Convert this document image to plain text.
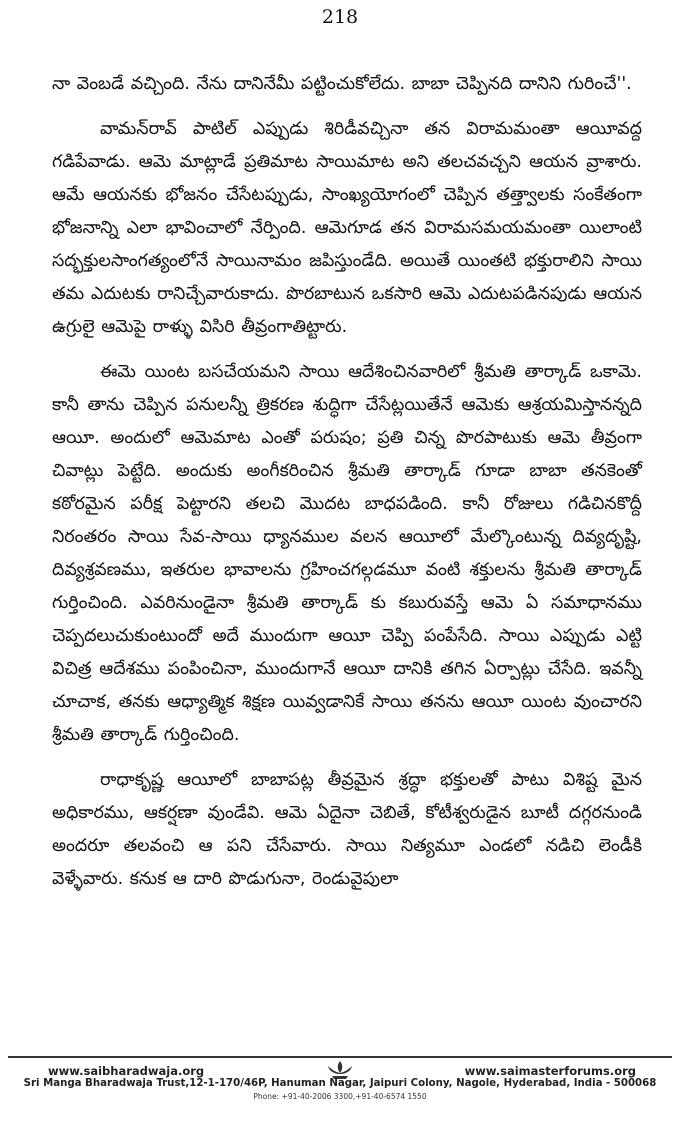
218

నా వెంబడే వచ్చింది. నేను దానినేమీ పట్టించుకోలేదు. బాబా చెప్పినది దానిని గురించే''.

వామన్‌రావ్ పాటిల్ ఎప్పుడు శిరిడీవచ్చినా తన విరామమంతా ఆయీవద్ద గడిపేవాడు. ఆమె మాట్లాడే ప్రతిమాట సాయిమాట అని తలచవచ్చని ఆయన వ్రాశారు. ఆమే ఆయనకు భోజనం చేసేటప్పుడు, సాంఖ్యయోగంలో చెప్పిన తత్త్వాలకు సంకేతంగా భోజనాన్ని ఎలా భావించాలో నేర్పింది. ఆమెగూడ తన విరామసమయమంతా యిలాంటి సద్భక్తులసాంగత్యంలోనే సాయినామం జపిస్తుండేది. అయితే యింతటి భక్తురాలిని సాయి తమ ఎదుటకు రానిచ్చేవారుకాదు. పొరబాటున ఒకసారి ఆమె ఎదుటపడినపుడు ఆయన ఉగ్రులై ఆమెపై రాళ్ళు విసిరి తీవ్రంగాతిట్టారు.

ఈమె యింట బసచేయమని సాయి ఆదేశించినవారిలో శ్రీమతి తార్కాడ్ ఒకామె. కానీ తాను చెప్పిన పనులన్నీ త్రికరణ శుద్ధిగా చేసేట్లయితేనే ఆమెకు ఆశ్రయమిస్తానన్నది ఆయీ. అందులో ఆమెమాట ఎంతో పరుషం; ప్రతి చిన్న పొరపాటుకు ఆమె తీవ్రంగా చివాట్లు పెట్టేది. అందుకు అంగీకరించిన శ్రీమతి తార్కాడ్ గూడా బాబా తనకెంతో కఠోరమైన పరీక్ష పెట్టారని తలచి మొదట బాధపడింది. కానీ రోజులు గడిచినకొద్దీ నిరంతరం సాయి సేవ-సాయి ధ్యానముల వలన ఆయీలో మేల్కొంటున్న దివ్యదృష్టి, దివ్యశ్రవణము, ఇతరుల భావాలను గ్రహించగల్గడమూ వంటి శక్తులను శ్రీమతి తార్కాడ్ గుర్తించింది. ఎవరినుండైనా శ్రీమతి తార్కాడ్ కు కబురువస్తే ఆమె ఏ సమాధానము చెప్పదలుచుకుంటుందో అదే ముందుగా ఆయీ చెప్పి పంపేసేది. సాయి ఎప్పుడు ఎట్టి విచిత్ర ఆదేశము పంపించినా, ముందుగానే ఆయీ దానికి తగిన ఏర్పాట్లు చేసేది. ఇవన్నీ చూచాక, తనకు ఆధ్యాత్మిక శిక్షణ యివ్వడానికే సాయి తనను ఆయీ యింట వుంచారని శ్రీమతి తార్కాడ్ గుర్తించింది.

రాధాకృష్ణ ఆయీలో బాబాపట్ల తీవ్రమైన శ్రద్ధా భక్తులతో పాటు విశిష్ట మైన అధికారము, ఆకర్షణా వుండేవి. ఆమె ఏదైనా చెబితే, కోటీశ్వరుడైన బూటీ దగ్గరనుండి అందరూ తలవంచి ఆ పని చేసేవారు. సాయి నిత్యమూ ఎండలో నడిచి లెండీకి వెళ్ళేవారు. కనుక ఆ దారి పొడుగునా, రెండువైపులా

www.saibharadwaja.org	www.saimasterforums.org
Sri Manga Bharadwaja Trust,12-1-170/46P, Hanuman Nagar, Jaipuri Colony, Nagole, Hyderabad, India - 500068
Phone: +91-40-2006 3300,+91-40-6574 1550
